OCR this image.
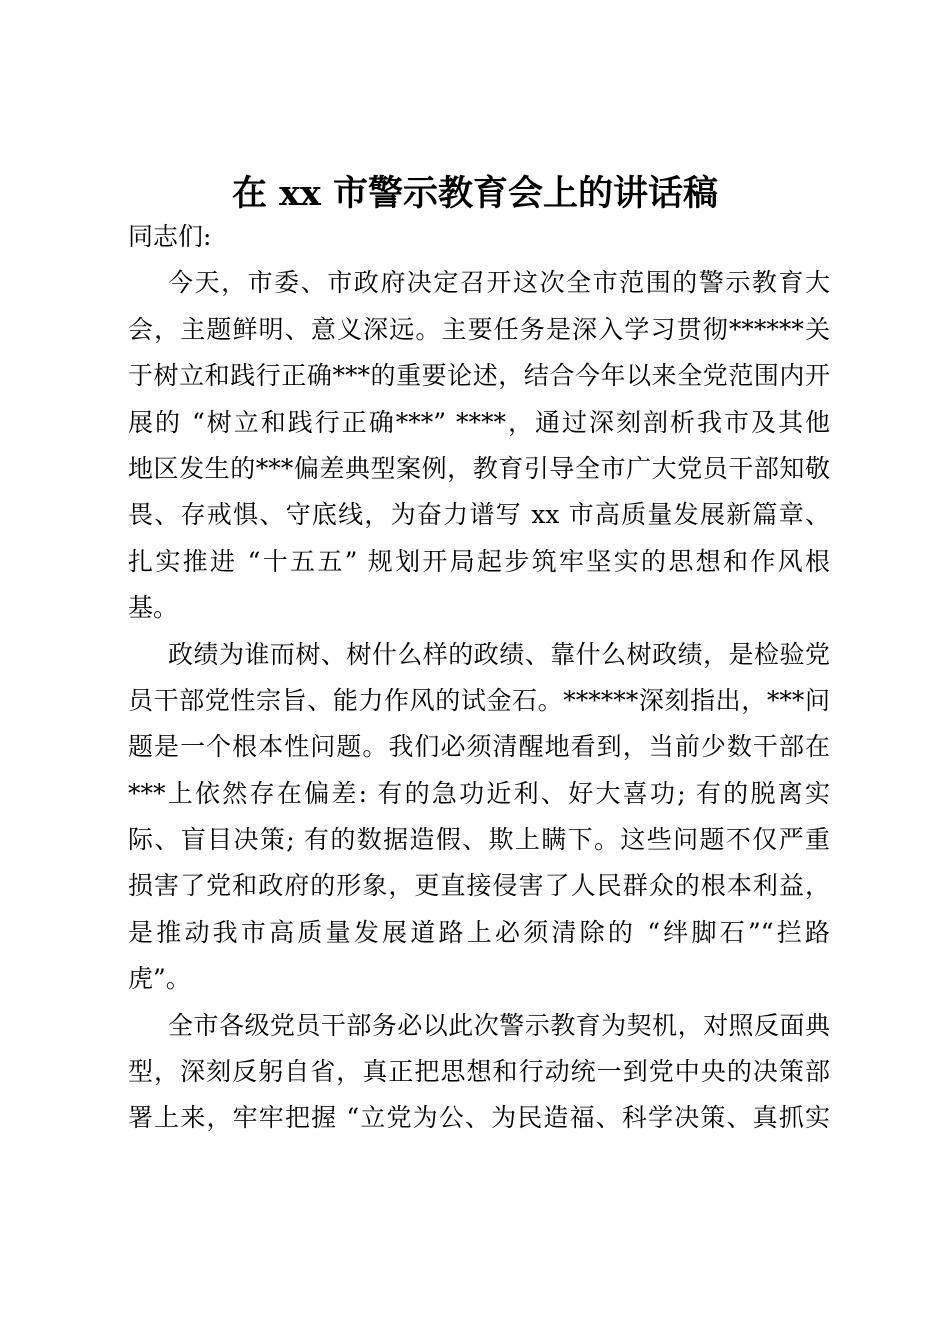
在 xx 市警示教育会上的讲话稿
同志们:
今天，市委、市政府决定召开这次全市范围的警示教育大
会，主题鲜明、意义深远。主要任务是深入学习贯彻******关
于树立和践行正确***的重要论述，结合今年以来全党范围内开
展的 “树立和践行正确***” ****，通过深刻剖析我市及其他
地区发生的***偏差典型案例，教育引导全市广大党员干部知敬
畏、存戒惧、守底线，为奋力谱写 xx 市高质量发展新篇章、
扎实推进 “十五五” 规划开局起步筑牢坚实的思想和作风根
基。
政绩为谁而树、树什么样的政绩、靠什么树政绩，是检验党
员干部党性宗旨、能力作风的试金石。******深刻指出，***问
题是一个根本性问题。我们必须清醒地看到，当前少数干部在
***上依然存在偏差: 有的急功近利、好大喜功; 有的脱离实
际、盲目决策; 有的数据造假、欺上瞒下。这些问题不仅严重
损害了党和政府的形象，更直接侵害了人民群众的根本利益，
是推动我市高质量发展道路上必须清除的 “绊脚石”“拦路
虎”。
全市各级党员干部务必以此次警示教育为契机，对照反面典
型，深刻反躬自省，真正把思想和行动统一到党中央的决策部
署上来，牢牢把握 “立党为公、为民造福、科学决策、真抓实
